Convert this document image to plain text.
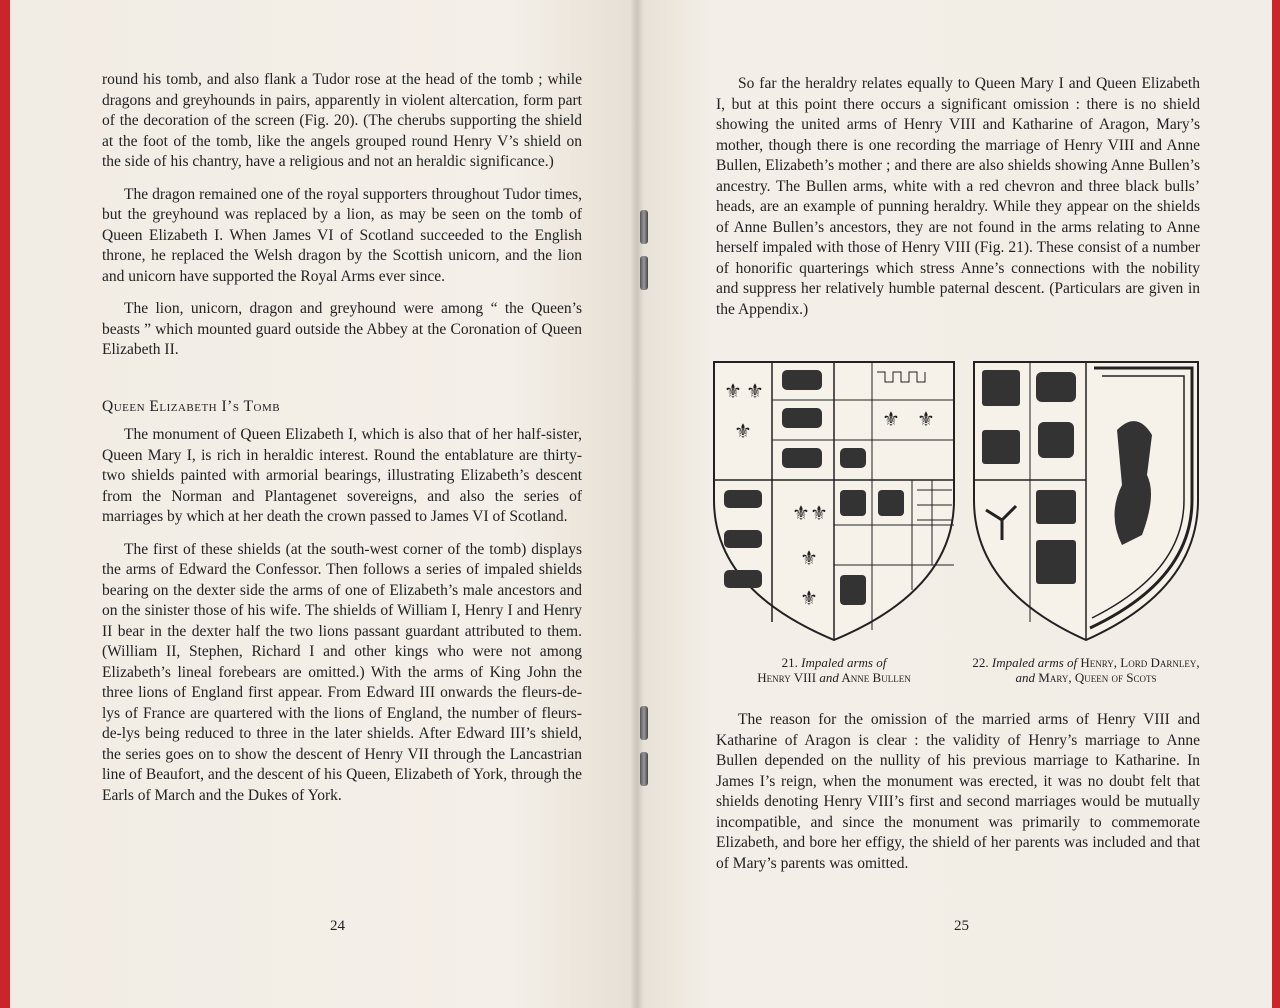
round his tomb, and also flank a Tudor rose at the head of the tomb ; while dragons and greyhounds in pairs, apparently in violent altercation, form part of the decoration of the screen (Fig. 20). (The cherubs supporting the shield at the foot of the tomb, like the angels grouped round Henry V’s shield on the side of his chantry, have a religious and not an heraldic significance.)

The dragon remained one of the royal supporters throughout Tudor times, but the greyhound was replaced by a lion, as may be seen on the tomb of Queen Elizabeth I. When James VI of Scotland succeeded to the English throne, he replaced the Welsh dragon by the Scottish unicorn, and the lion and unicorn have supported the Royal Arms ever since.

The lion, unicorn, dragon and greyhound were among “ the Queen’s beasts ” which mounted guard outside the Abbey at the Coronation of Queen Elizabeth II.

Queen Elizabeth I’s Tomb

The monument of Queen Elizabeth I, which is also that of her half-sister, Queen Mary I, is rich in heraldic interest. Round the entablature are thirty-two shields painted with armorial bearings, illustrating Elizabeth’s descent from the Norman and Plantagenet sovereigns, and also the series of marriages by which at her death the crown passed to James VI of Scotland.

The first of these shields (at the south-west corner of the tomb) displays the arms of Edward the Confessor. Then follows a series of impaled shields bearing on the dexter side the arms of one of Elizabeth’s male ancestors and on the sinister those of his wife. The shields of William I, Henry I and Henry II bear in the dexter half the two lions passant guardant attributed to them. (William II, Stephen, Richard I and other kings who were not among Elizabeth’s lineal forebears are omitted.) With the arms of King John the three lions of England first appear. From Edward III onwards the fleurs-de-lys of France are quartered with the lions of England, the number of fleurs-de-lys being reduced to three in the later shields. After Edward III’s shield, the series goes on to show the descent of Henry VII through the Lancastrian line of Beaufort, and the descent of his Queen, Elizabeth of York, through the Earls of March and the Dukes of York.

24

So far the heraldry relates equally to Queen Mary I and Queen Elizabeth I, but at this point there occurs a significant omission : there is no shield showing the united arms of Henry VIII and Katharine of Aragon, Mary’s mother, though there is one recording the marriage of Henry VIII and Anne Bullen, Elizabeth’s mother ; and there are also shields showing Anne Bullen’s ancestry. The Bullen arms, white with a red chevron and three black bulls’ heads, are an example of punning heraldry. While they appear on the shields of Anne Bullen’s ancestors, they are not found in the arms relating to Anne herself impaled with those of Henry VIII (Fig. 21). These consist of a number of honorific quarterings which stress Anne’s connections with the nobility and suppress her relatively humble paternal descent. (Particulars are given in the Appendix.)

⚜ ⚜
⚜
⚜ ⚜
⚜
⚜
⚜ ⚜
21. Impaled arms of
Henry VIII and Anne Bullen
22. Impaled arms of Henry, Lord Darnley, and Mary, Queen of Scots

The reason for the omission of the married arms of Henry VIII and Katharine of Aragon is clear : the validity of Henry’s marriage to Anne Bullen depended on the nullity of his previous marriage to Katharine. In James I’s reign, when the monument was erected, it was no doubt felt that shields denoting Henry VIII’s first and second marriages would be mutually incompatible, and since the monument was primarily to commemorate Elizabeth, and bore her effigy, the shield of her parents was included and that of Mary’s parents was omitted.

25
